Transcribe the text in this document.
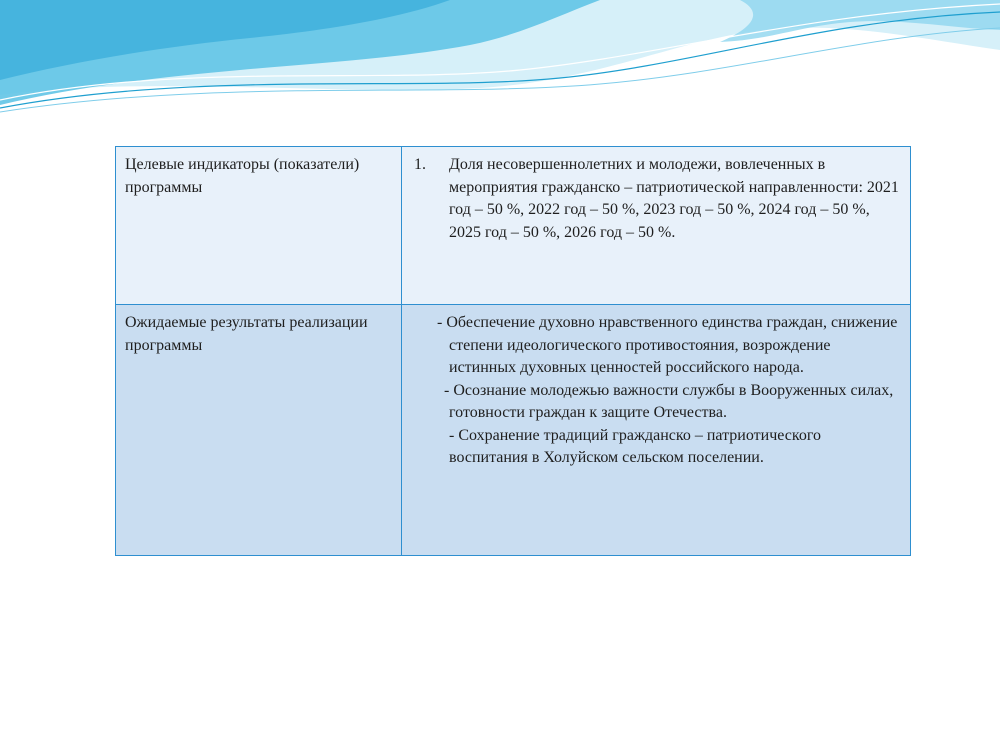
Целевые индикаторы (показатели) программы	1. Доля несовершеннолетних и молодежи, вовлеченных в мероприятия гражданско – патриотической направленности: 2021 год – 50 %, 2022 год – 50 %, 2023 год – 50 %, 2024 год – 50 %, 2025 год – 50 %, 2026 год – 50 %.

Ожидаемые результаты реализации программы	- Обеспечение духовно нравственного единства граждан, снижение степени идеологического противостояния, возрождение истинных духовных ценностей российского народа.

- Осознание молодежью важности службы в Вооруженных силах, готовности граждан к защите Отечества.

- Сохранение традиций гражданско – патриотического воспитания в Холуйском сельском поселении.
